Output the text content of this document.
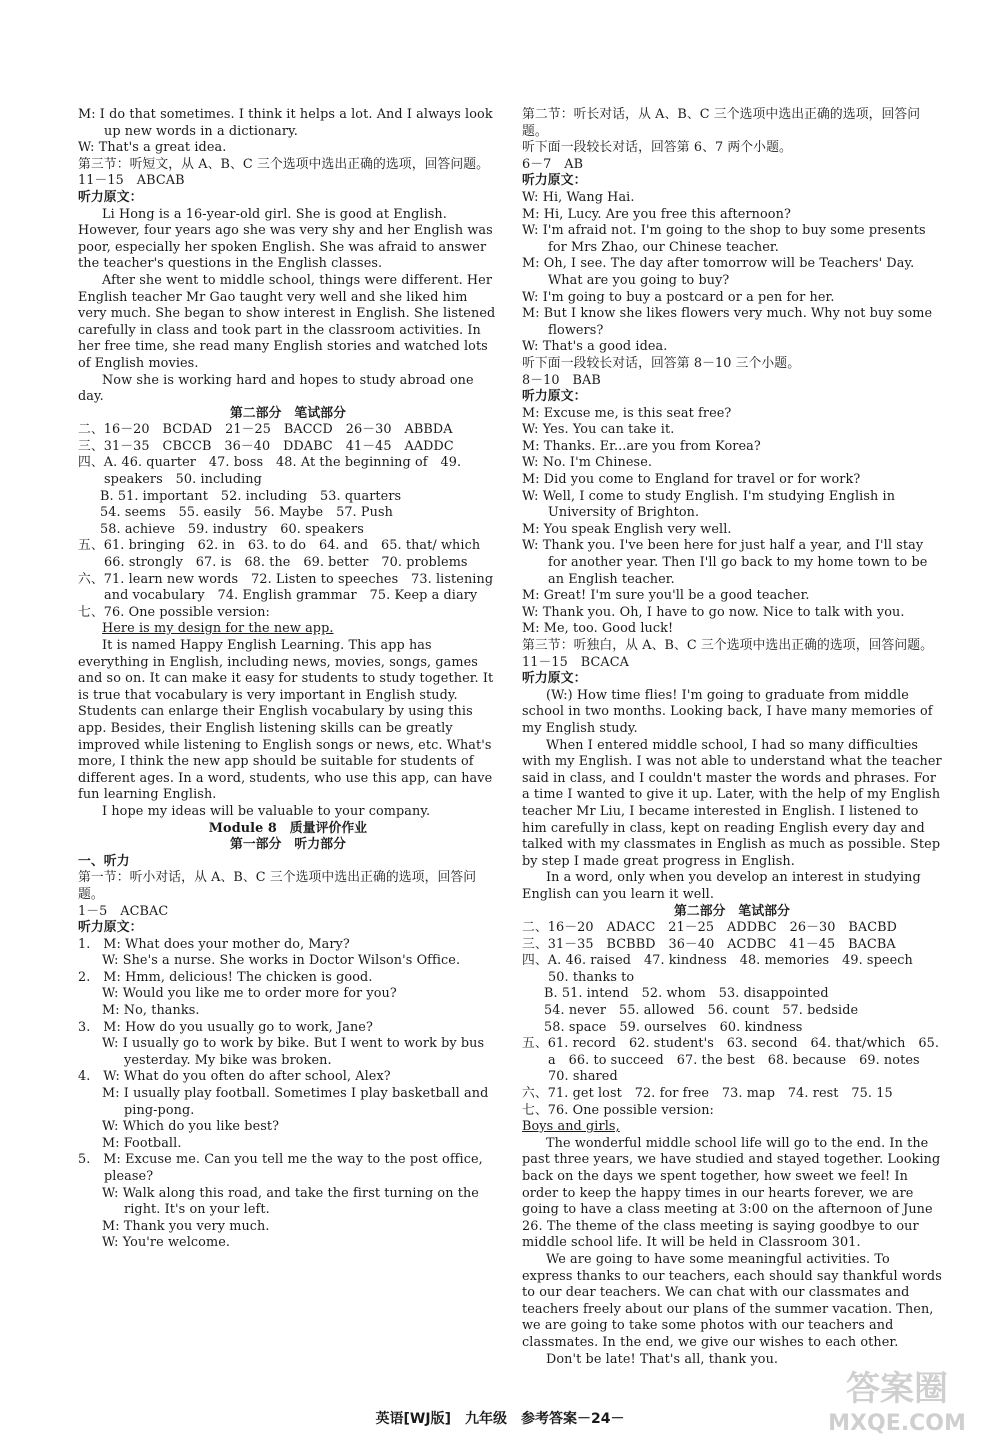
M: I do that sometimes. I think it helps a lot. And I always look up new words in a dictionary.
W: That's a great idea.
第三节：听短文，从 A、B、C 三个选项中选出正确的选项，回答问题。
11－15　ABCAB
听力原文：
Li Hong is a 16-year-old girl. She is good at English. However, four years ago she was very shy and her English was poor, especially her spoken English. She was afraid to answer the teacher's questions in the English classes.
After she went to middle school, things were different. Her English teacher Mr Gao taught very well and she liked him very much. She began to show interest in English. She listened carefully in class and took part in the classroom activities. In her free time, she read many English stories and watched lots of English movies.
Now she is working hard and hopes to study abroad one day.
第二部分　笔试部分
二、16－20　BCDAD　21－25　BACCD　26－30　ABBDA
三、31－35　CBCCB　36－40　DDABC　41－45　AADDC
四、A. 46. quarter　47. boss　48. At the beginning of　49. speakers　50. including
B. 51. important　52. including　53. quarters
54. seems　55. easily　56. Maybe　57. Push
58. achieve　59. industry　60. speakers
五、61. bringing　62. in　63. to do　64. and　65. that/ which　66. strongly　67. is　68. the　69. better　70. problems
六、71. learn new words　72. Listen to speeches　73. listening and vocabulary　74. English grammar　75. Keep a diary
七、76. One possible version:
Here is my design for the new app.
It is named Happy English Learning. This app has everything in English, including news, movies, songs, games and so on. It can make it easy for students to study together. It is true that vocabulary is very important in English study. Students can enlarge their English vocabulary by using this app. Besides, their English listening skills can be greatly improved while listening to English songs or news, etc. What's more, I think the new app should be suitable for students of different ages. In a word, students, who use this app, can have fun learning English.
I hope my ideas will be valuable to your company.
Module 8　质量评价作业
第一部分　听力部分
一、听力
第一节：听小对话，从 A、B、C 三个选项中选出正确的选项，回答问题。
1－5　ACBAC
听力原文：
1.　M: What does your mother do, Mary?
W: She's a nurse. She works in Doctor Wilson's Office.
2.　M: Hmm, delicious! The chicken is good.
W: Would you like me to order more for you?
M: No, thanks.
3.　M: How do you usually go to work, Jane?
W: I usually go to work by bike. But I went to work by bus yesterday. My bike was broken.
4.　W: What do you often do after school, Alex?
M: I usually play football. Sometimes I play basketball and ping-pong.
W: Which do you like best?
M: Football.
5.　M: Excuse me. Can you tell me the way to the post office, please?
W: Walk along this road, and take the first turning on the right. It's on your left.
M: Thank you very much.
W: You're welcome.
第二节：听长对话，从 A、B、C 三个选项中选出正确的选项，回答问题。
听下面一段较长对话，回答第 6、7 两个小题。
6－7　AB
听力原文：
W: Hi, Wang Hai.
M: Hi, Lucy. Are you free this afternoon?
W: I'm afraid not. I'm going to the shop to buy some presents for Mrs Zhao, our Chinese teacher.
M: Oh, I see. The day after tomorrow will be Teachers' Day. What are you going to buy?
W: I'm going to buy a postcard or a pen for her.
M: But I know she likes flowers very much. Why not buy some flowers?
W: That's a good idea.
听下面一段较长对话，回答第 8－10 三个小题。
8－10　BAB
听力原文：
M: Excuse me, is this seat free?
W: Yes. You can take it.
M: Thanks. Er...are you from Korea?
W: No. I'm Chinese.
M: Did you come to England for travel or for work?
W: Well, I come to study English. I'm studying English in University of Brighton.
M: You speak English very well.
W: Thank you. I've been here for just half a year, and I'll stay for another year. Then I'll go back to my home town to be an English teacher.
M: Great! I'm sure you'll be a good teacher.
W: Thank you. Oh, I have to go now. Nice to talk with you.
M: Me, too. Good luck!
第三节：听独白，从 A、B、C 三个选项中选出正确的选项，回答问题。
11－15　BCACA
听力原文：
(W:) How time flies! I'm going to graduate from middle school in two months. Looking back, I have many memories of my English study.
When I entered middle school, I had so many difficulties with my English. I was not able to understand what the teacher said in class, and I couldn't master the words and phrases. For a time I wanted to give it up. Later, with the help of my English teacher Mr Liu, I became interested in English. I listened to him carefully in class, kept on reading English every day and talked with my classmates in English as much as possible. Step by step I made great progress in English.
In a word, only when you develop an interest in studying English can you learn it well.
第二部分　笔试部分
二、16－20　ADACC　21－25　ADDBC　26－30　BACBD
三、31－35　BCBBD　36－40　ACDBC　41－45　BACBA
四、A. 46. raised　47. kindness　48. memories　49. speech　50. thanks to
B. 51. intend　52. whom　53. disappointed
54. never　55. allowed　56. count　57. bedside
58. space　59. ourselves　60. kindness
五、61. record　62. student's　63. second　64. that/which　65. a　66. to succeed　67. the best　68. because　69. notes　70. shared
六、71. get lost　72. for free　73. map　74. rest　75. 15
七、76. One possible version:
Boys and girls,
The wonderful middle school life will go to the end. In the past three years, we have studied and stayed together. Looking back on the days we spent together, how sweet we feel! In order to keep the happy times in our hearts forever, we are going to have a class meeting at 3:00 on the afternoon of June 26. The theme of the class meeting is saying goodbye to our middle school life. It will be held in Classroom 301.
We are going to have some meaningful activities. To express thanks to our teachers, each should say thankful words to our dear teachers. We can chat with our classmates and teachers freely about our plans of the summer vacation. Then, we are going to take some photos with our teachers and classmates. In the end, we give our wishes to each other.
Don't be late! That's all, thank you.
英语[WJ版]　九年级　参考答案－24－
答案圈
MXQE.COM
